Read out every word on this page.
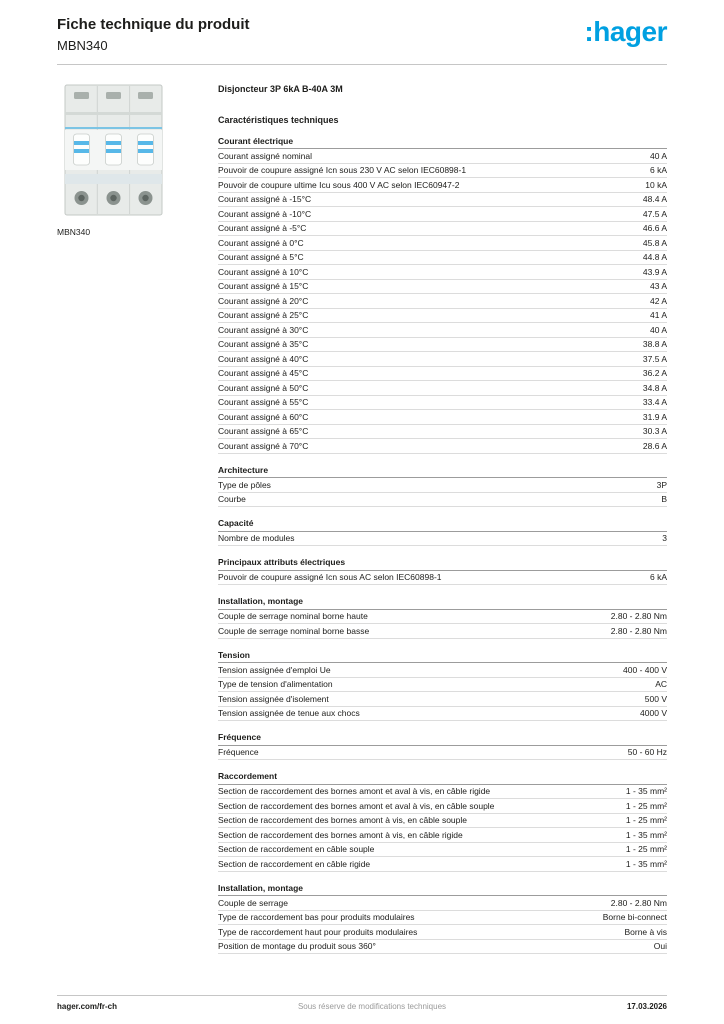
Fiche technique du produit
MBN340	:hager
MBN340
Disjoncteur 3P 6kA B-40A 3M
Caractéristiques techniques
Courant électrique
Courant assigné nominal	40 A
Pouvoir de coupure assigné Icn sous 230 V AC selon IEC60898-1	6 kA
Pouvoir de coupure ultime Icu sous 400 V AC selon IEC60947-2	10 kA
Courant assigné à -15°C	48.4 A
Courant assigné à -10°C	47.5 A
Courant assigné à -5°C	46.6 A
Courant assigné à 0°C	45.8 A
Courant assigné à 5°C	44.8 A
Courant assigné à 10°C	43.9 A
Courant assigné à 15°C	43 A
Courant assigné à 20°C	42 A
Courant assigné à 25°C	41 A
Courant assigné à 30°C	40 A
Courant assigné à 35°C	38.8 A
Courant assigné à 40°C	37.5 A
Courant assigné à 45°C	36.2 A
Courant assigné à 50°C	34.8 A
Courant assigné à 55°C	33.4 A
Courant assigné à 60°C	31.9 A
Courant assigné à 65°C	30.3 A
Courant assigné à 70°C	28.6 A
Architecture
Type de pôles	3P
Courbe	B
Capacité
Nombre de modules	3
Principaux attributs électriques
Pouvoir de coupure assigné Icn sous AC selon IEC60898-1	6 kA
Installation, montage
Couple de serrage nominal borne haute	2.80 - 2.80 Nm
Couple de serrage nominal borne basse	2.80 - 2.80 Nm
Tension
Tension assignée d'emploi Ue	400 - 400 V
Type de tension d'alimentation	AC
Tension assignée d'isolement	500 V
Tension assignée de tenue aux chocs	4000 V
Fréquence
Fréquence	50 - 60 Hz
Raccordement
Section de raccordement des bornes amont et aval à vis, en câble rigide	1 - 35 mm²
Section de raccordement des bornes amont et aval à vis, en câble souple	1 - 25 mm²
Section de raccordement des bornes amont à vis, en câble souple	1 - 25 mm²
Section de raccordement des bornes amont à vis, en câble rigide	1 - 35 mm²
Section de raccordement en câble souple	1 - 25 mm²
Section de raccordement en câble rigide	1 - 35 mm²
Installation, montage
Couple de serrage	2.80 - 2.80 Nm
Type de raccordement bas pour produits modulaires	Borne bi-connect
Type de raccordement haut pour produits modulaires	Borne à vis
Position de montage du produit sous 360°	Oui
hager.com/fr-ch	Sous réserve de modifications techniques	17.03.2026
